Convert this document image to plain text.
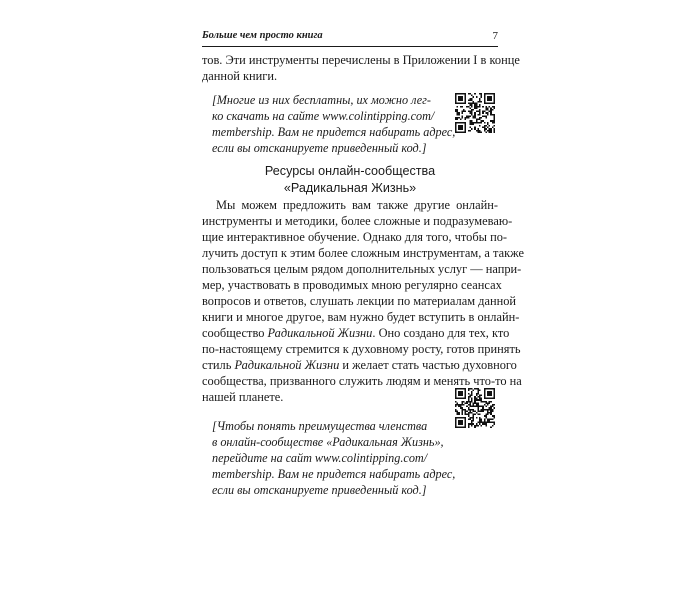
Больше чем просто книга	7
тов. Эти инструменты перечислены в Приложении I в конце
данной книги.
[Многие из них бесплатны, их можно лег-
ко скачать на сайте www.colintipping.com/
membership. Вам не придется набирать адрес,
если вы отсканируете приведенный код.]
Ресурсы онлайн-сообщества
«Радикальная Жизнь»
Мы можем предложить вам также другие онлайн-
инструменты и методики, более сложные и подразумеваю-
щие интерактивное обучение. Однако для того, чтобы по-
лучить доступ к этим более сложным инструментам, а также
пользоваться целым рядом дополнительных услуг — напри-
мер, участвовать в проводимых мною регулярно сеансах
вопросов и ответов, слушать лекции по материалам данной
книги и многое другое, вам нужно будет вступить в онлайн-
сообщество Радикальной Жизни. Оно создано для тех, кто
по-настоящему стремится к духовному росту, готов принять
стиль Радикальной Жизни и желает стать частью духовного
сообщества, призванного служить людям и менять что-то на
нашей планете.
[Чтобы понять преимущества членства
в онлайн-сообществе «Радикальная Жизнь»,
перейдите на сайт www.colintipping.com/
membership. Вам не придется набирать адрес,
если вы отсканируете приведенный код.]
